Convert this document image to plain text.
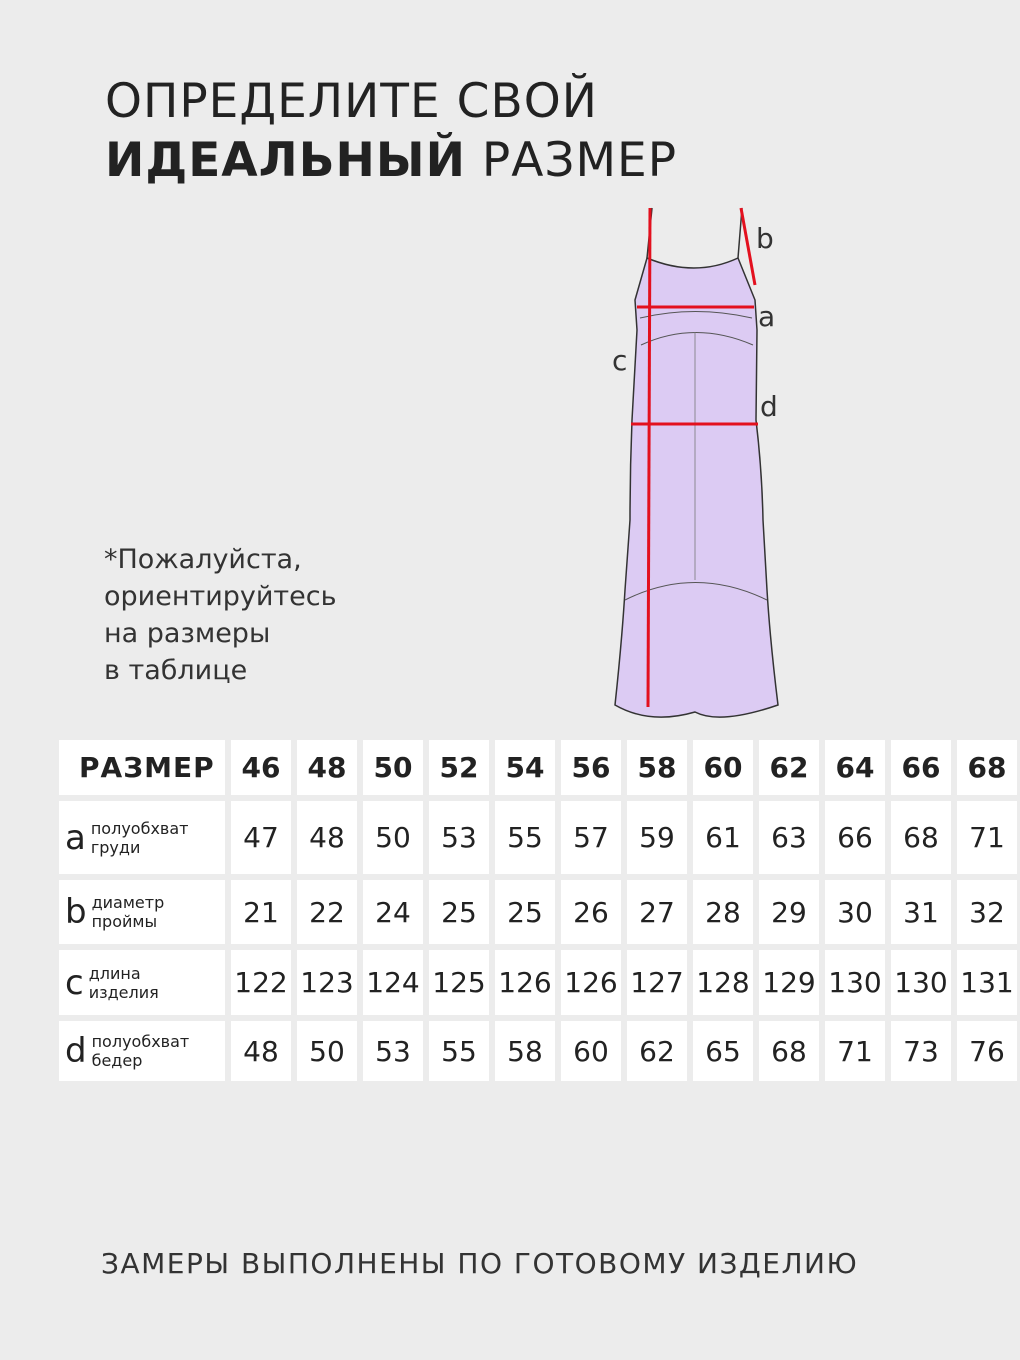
ОПРЕДЕЛИТЕ СВОЙ
ИДЕАЛЬНЫЙ РАЗМЕР
*Пожалуйста,
ориентируйтесь
на размеры
в таблице
b
a
c
d
РАЗМЕР 46 48 50 52 54 56 58 60 62 64 66 68
a полуобхват
груди	47	48	50	53	55	57	59	61	63	66	68	71
b диаметр
проймы	21	22	24	25	25	26	27	28	29	30	31	32
c длина
изделия	122 123 124 125 126 126 127 128 129 130 130 131
d полуобхват
бедер	48	50	53	55	58	60	62	65	68	71	73	76
ЗАМЕРЫ ВЫПОЛНЕНЫ ПО ГОТОВОМУ ИЗДЕЛИЮ
